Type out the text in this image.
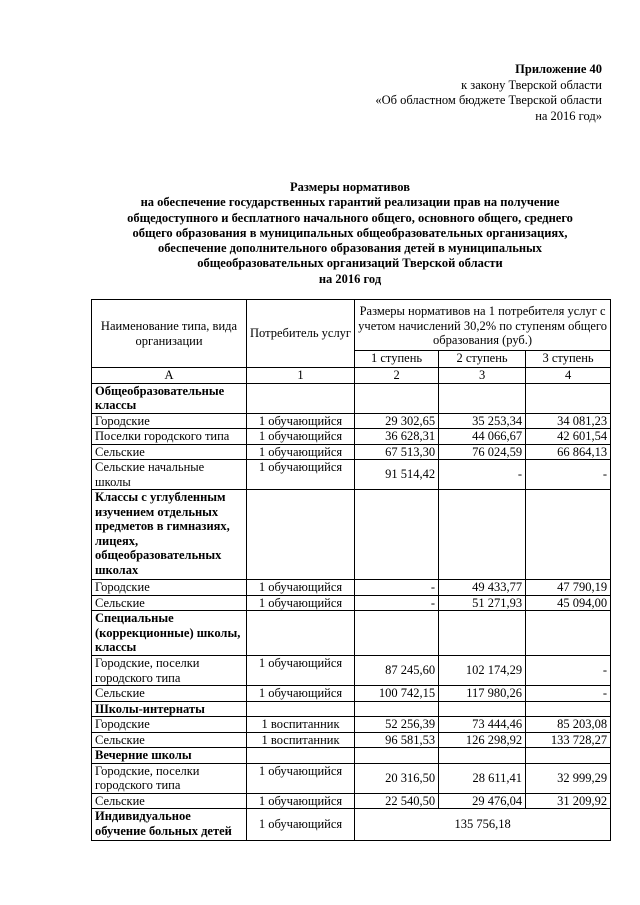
Приложение 40
к закону Тверской области
«Об областном бюджете Тверской области
на 2016 год»
Размеры нормативов
на обеспечение государственных гарантий реализации прав на получение
общедоступного и бесплатного начального общего, основного общего, среднего
общего образования в муниципальных общеобразовательных организациях,
обеспечение дополнительного образования детей в муниципальных
общеобразовательных организаций Тверской области
на 2016 год
Наименование типа, вида организации	Потребитель услуг	Размеры нормативов на 1 потребителя услуг с учетом начислений 30,2% по ступеням общего образования (руб.)		
		1 ступень	2 ступень	3 ступень
А	1	2	3	4
Общеобразовательные классы				
Городские	1 обучающийся	29 302,65	35 253,34	34 081,23
Поселки городского типа	1 обучающийся	36 628,31	44 066,67	42 601,54
Сельские	1 обучающийся	67 513,30	76 024,59	66 864,13
Сельские начальные школы	1 обучающийся	91 514,42	-	-
Классы с углубленным изучением отдельных предметов в гимназиях, лицеях, общеобразовательных школах				
Городские	1 обучающийся	-	49 433,77	47 790,19
Сельские	1 обучающийся	-	51 271,93	45 094,00
Специальные (коррекционные) школы, классы				
Городские, поселки городского типа	1 обучающийся	87 245,60	102 174,29	-
Сельские	1 обучающийся	100 742,15	117 980,26	-
Школы-интернаты				
Городские	1 воспитанник	52 256,39	73 444,46	85 203,08
Сельские	1 воспитанник	96 581,53	126 298,92	133 728,27
Вечерние школы				
Городские, поселки городского типа	1 обучающийся	20 316,50	28 611,41	32 999,29
Сельские	1 обучающийся	22 540,50	29 476,04	31 209,92
Индивидуальное обучение больных детей	1 обучающийся	135 756,18		
